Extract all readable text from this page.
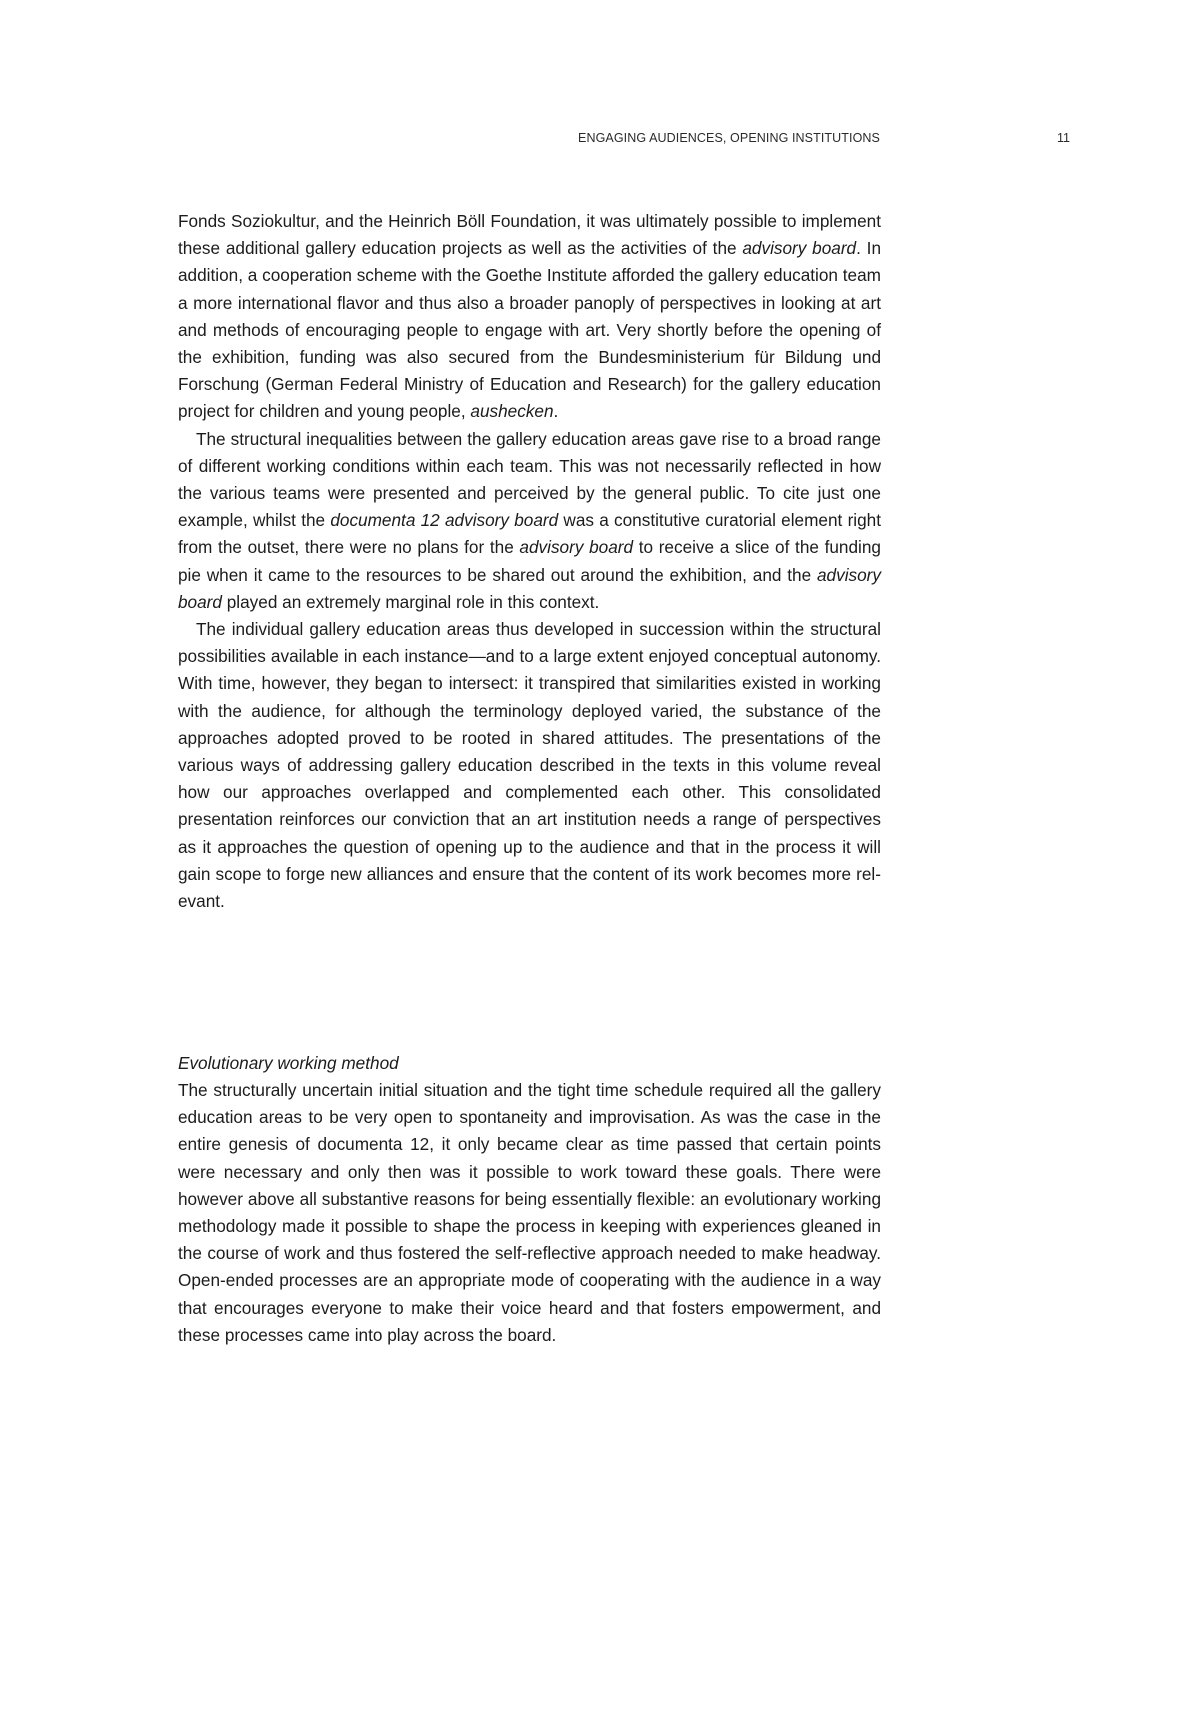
ENGAGING AUDIENCES, OPENING INSTITUTIONS	11

Fonds Soziokultur, and the Heinrich Böll Foundation, it was ultimately possible to implement these additional gallery education projects as well as the activities of the advisory board. In addition, a cooperation scheme with the Goethe Institute afforded the gallery education team a more international flavor and thus also a broader panoply of perspectives in looking at art and methods of encouraging people to engage with art. Very shortly before the opening of the exhibition, funding was also secured from the Bundesministerium für Bildung und Forschung (German Federal Ministry of Education and Research) for the gallery education project for children and young people, aushecken.

The structural inequalities between the gallery education areas gave rise to a broad range of different working conditions within each team. This was not necessarily reflected in how the various teams were presented and perceived by the general public. To cite just one example, whilst the documenta 12 advisory board was a constitutive curatorial element right from the outset, there were no plans for the advisory board to receive a slice of the funding pie when it came to the resources to be shared out around the exhibition, and the advisory board played an extremely marginal role in this context.

The individual gallery education areas thus developed in succession within the structural possibilities available in each instance—and to a large extent enjoyed conceptual autonomy. With time, however, they began to intersect: it transpired that similarities existed in working with the audience, for although the terminology deployed varied, the substance of the approaches adopted proved to be rooted in shared attitudes. The presentations of the various ways of addressing gallery education described in the texts in this volume reveal how our approaches overlapped and complemented each other. This consolidated presentation reinforces our conviction that an art institution needs a range of perspectives as it approaches the question of opening up to the audience and that in the process it will gain scope to forge new alliances and ensure that the content of its work becomes more relevant.

Evolutionary working method

The structurally uncertain initial situation and the tight time schedule required all the gallery education areas to be very open to spontaneity and improvisation. As was the case in the entire genesis of documenta 12, it only became clear as time passed that certain points were necessary and only then was it possible to work toward these goals. There were however above all substantive reasons for being essentially flexible: an evolutionary working methodology made it possible to shape the process in keeping with experiences gleaned in the course of work and thus fostered the self-reflective approach needed to make headway. Open-ended processes are an appropriate mode of cooperating with the audience in a way that encourages everyone to make their voice heard and that fosters empowerment, and these processes came into play across the board.
